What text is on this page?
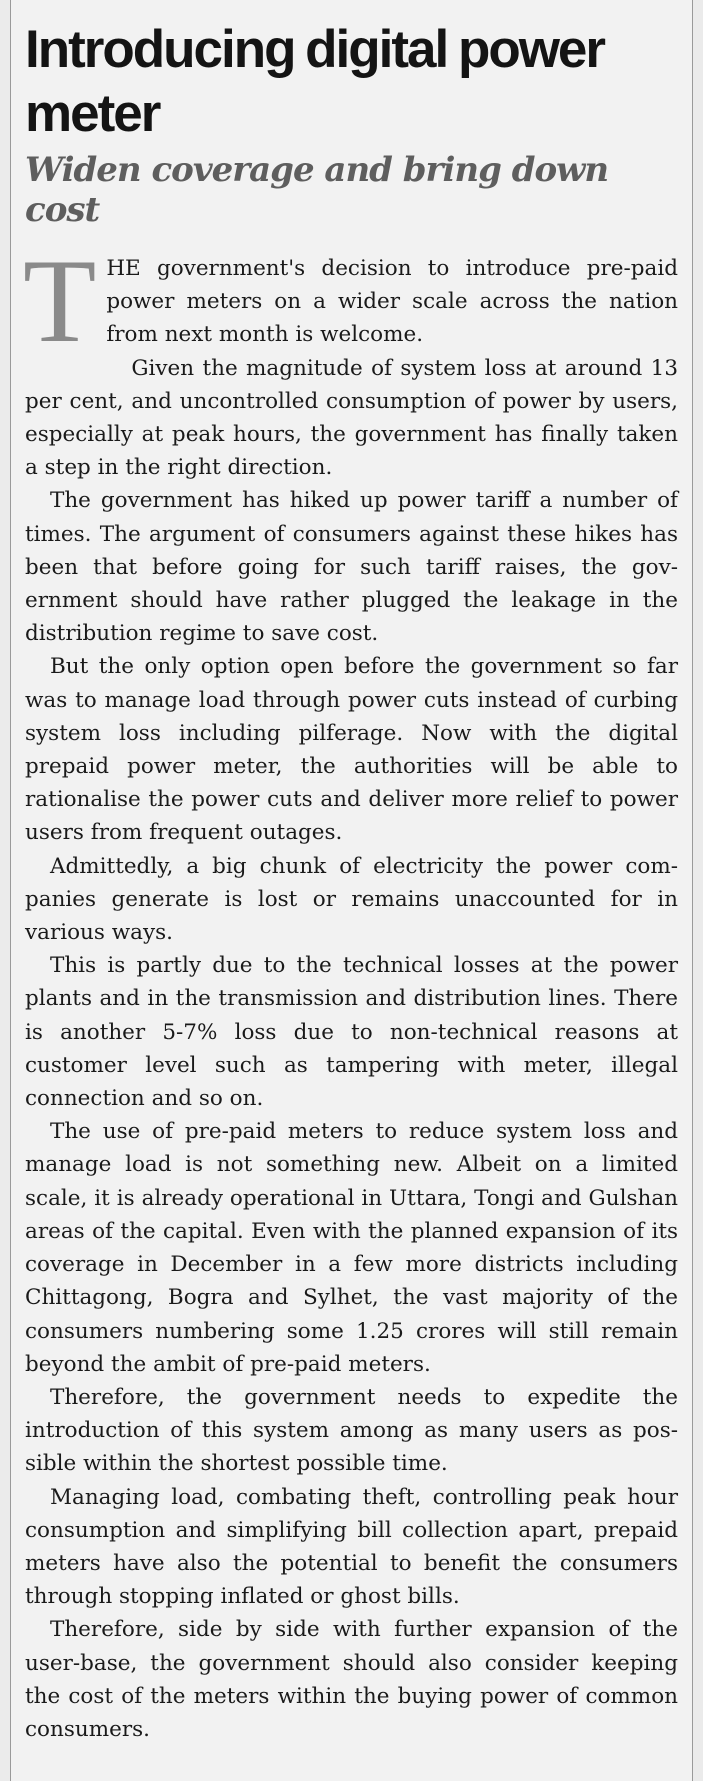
Introducing digital power meter
Widen coverage and bring down cost

THE government's decision to introduce pre-paid power meters on a wider scale across the nation from next month is welcome.

Given the magnitude of system loss at around 13 per cent, and uncontrolled consumption of power by users, especially at peak hours, the government has finally taken a step in the right direction.

The government has hiked up power tariff a number of times. The argument of consumers against these hikes has been that before going for such tariff raises, the government should have rather plugged the leakage in the distribution regime to save cost.

But the only option open before the government so far was to manage load through power cuts instead of curbing system loss including pilferage. Now with the digital prepaid power meter, the authorities will be able to rationalise the power cuts and deliver more relief to power users from frequent outages.

Admittedly, a big chunk of electricity the power companies generate is lost or remains unaccounted for in various ways.

This is partly due to the technical losses at the power plants and in the transmission and distribution lines. There is another 5-7% loss due to non-technical reasons at customer level such as tampering with meter, illegal connection and so on.

The use of pre-paid meters to reduce system loss and manage load is not something new. Albeit on a limited scale, it is already operational in Uttara, Tongi and Gulshan areas of the capital. Even with the planned expansion of its coverage in December in a few more districts including Chittagong, Bogra and Sylhet, the vast majority of the consumers numbering some 1.25 crores will still remain beyond the ambit of pre-paid meters.

Therefore, the government needs to expedite the introduction of this system among as many users as possible within the shortest possible time.

Managing load, combating theft, controlling peak hour consumption and simplifying bill collection apart, prepaid meters have also the potential to benefit the consumers through stopping inflated or ghost bills.

Therefore, side by side with further expansion of the user-base, the government should also consider keeping the cost of the meters within the buying power of common consumers.
